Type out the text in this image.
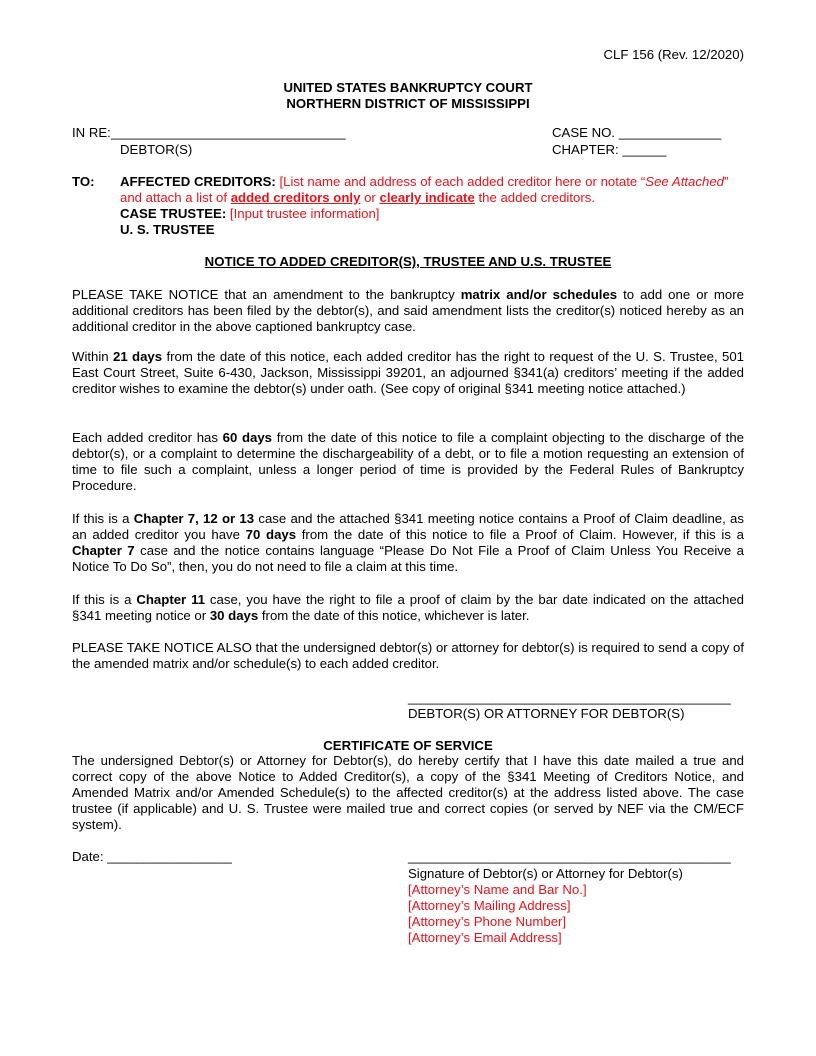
CLF 156 (Rev. 12/2020)
UNITED STATES BANKRUPTCY COURT
NORTHERN DISTRICT OF MISSISSIPPI
IN RE:________________________________
DEBTOR(S)
CASE NO. ______________
CHAPTER: ______
TO: AFFECTED CREDITORS: [List name and address of each added creditor here or notate “See Attached” and attach a list of added creditors only or clearly indicate the added creditors.
CASE TRUSTEE: [Input trustee information]
U. S. TRUSTEE
NOTICE TO ADDED CREDITOR(S), TRUSTEE AND U.S. TRUSTEE
PLEASE TAKE NOTICE that an amendment to the bankruptcy matrix and/or schedules to add one or more additional creditors has been filed by the debtor(s), and said amendment lists the creditor(s) noticed hereby as an additional creditor in the above captioned bankruptcy case.
Within 21 days from the date of this notice, each added creditor has the right to request of the U. S. Trustee, 501 East Court Street, Suite 6-430, Jackson, Mississippi 39201, an adjourned §341(a) creditors’ meeting if the added creditor wishes to examine the debtor(s) under oath. (See copy of original §341 meeting notice attached.)
Each added creditor has 60 days from the date of this notice to file a complaint objecting to the discharge of the debtor(s), or a complaint to determine the dischargeability of a debt, or to file a motion requesting an extension of time to file such a complaint, unless a longer period of time is provided by the Federal Rules of Bankruptcy Procedure.
If this is a Chapter 7, 12 or 13 case and the attached §341 meeting notice contains a Proof of Claim deadline, as an added creditor you have 70 days from the date of this notice to file a Proof of Claim. However, if this is a Chapter 7 case and the notice contains language “Please Do Not File a Proof of Claim Unless You Receive a Notice To Do So”, then, you do not need to file a claim at this time.
If this is a Chapter 11 case, you have the right to file a proof of claim by the bar date indicated on the attached §341 meeting notice or 30 days from the date of this notice, whichever is later.
PLEASE TAKE NOTICE ALSO that the undersigned debtor(s) or attorney for debtor(s) is required to send a copy of the amended matrix and/or schedule(s) to each added creditor.
____________________________________________
DEBTOR(S) OR ATTORNEY FOR DEBTOR(S)
CERTIFICATE OF SERVICE
The undersigned Debtor(s) or Attorney for Debtor(s), do hereby certify that I have this date mailed a true and correct copy of the above Notice to Added Creditor(s), a copy of the §341 Meeting of Creditors Notice, and Amended Matrix and/or Amended Schedule(s) to the affected creditor(s) at the address listed above. The case trustee (if applicable) and U. S. Trustee were mailed true and correct copies (or served by NEF via the CM/ECF system).
Date: _________________	____________________________________________
Signature of Debtor(s) or Attorney for Debtor(s)
[Attorney’s Name and Bar No.]
[Attorney’s Mailing Address]
[Attorney’s Phone Number]
[Attorney’s Email Address]
